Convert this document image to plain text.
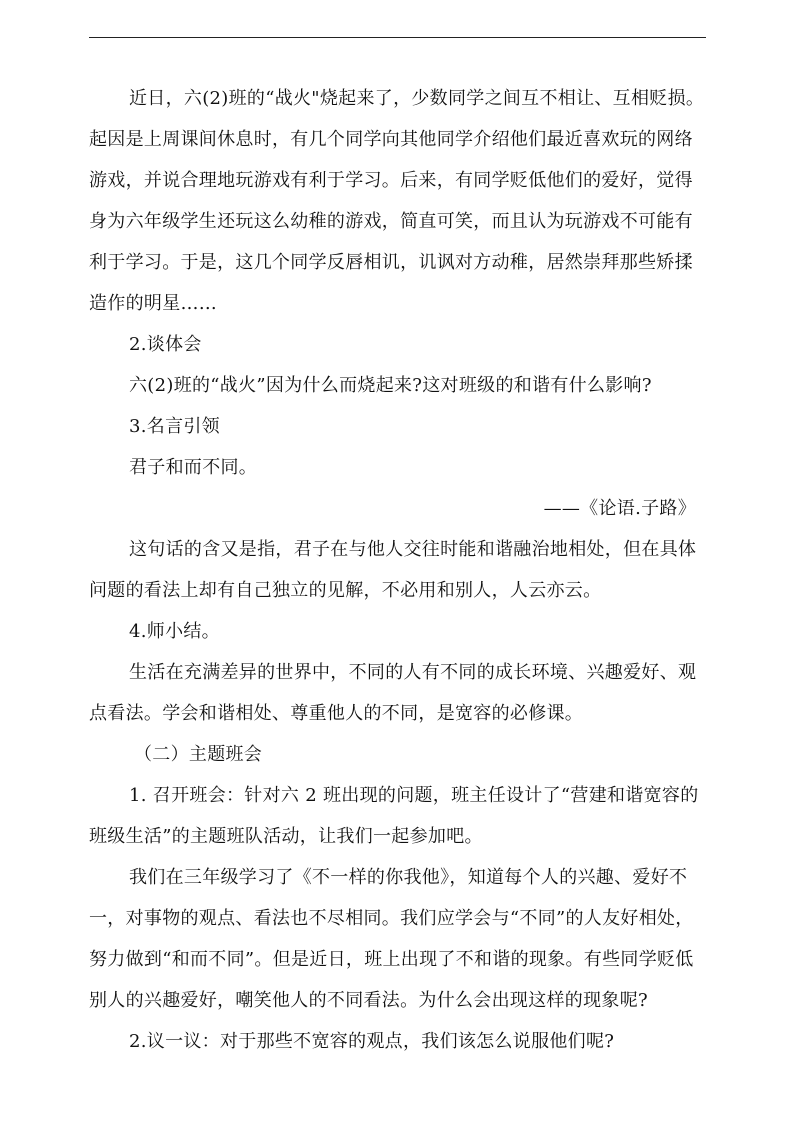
近日，六(2)班的“战火"烧起来了，少数同学之间互不相让、互相贬损。起因是上周课间休息时，有几个同学向其他同学介绍他们最近喜欢玩的网络游戏，并说合理地玩游戏有利于学习。后来，有同学贬低他们的爱好，觉得身为六年级学生还玩这么幼稚的游戏，简直可笑，而且认为玩游戏不可能有利于学习。于是，这几个同学反唇相讥，讥讽对方动稚，居然崇拜那些矫揉造作的明星……

2.谈体会

六(2)班的“战火”因为什么而烧起来?这对班级的和谐有什么影响?

3.名言引领

君子和而不同。

——《论语.子路》

这句话的含又是指，君子在与他人交往时能和谐融治地相处，但在具体问题的看法上却有自己独立的见解，不必用和别人，人云亦云。

4.师小结。

生活在充满差异的世界中，不同的人有不同的成长环境、兴趣爱好、观点看法。学会和谐相处、尊重他人的不同，是宽容的必修课。

（二）主题班会

1. 召开班会：针对六 2 班出现的问题，班主任设计了“营建和谐宽容的班级生活”的主题班队活动，让我们一起参加吧。

我们在三年级学习了《不一样的你我他》，知道每个人的兴趣、爱好不一，对事物的观点、看法也不尽相同。我们应学会与“不同”的人友好相处，努力做到“和而不同”。但是近日，班上出现了不和谐的现象。有些同学贬低别人的兴趣爱好，嘲笑他人的不同看法。为什么会出现这样的现象呢?

2.议一议：对于那些不宽容的观点，我们该怎么说服他们呢?
